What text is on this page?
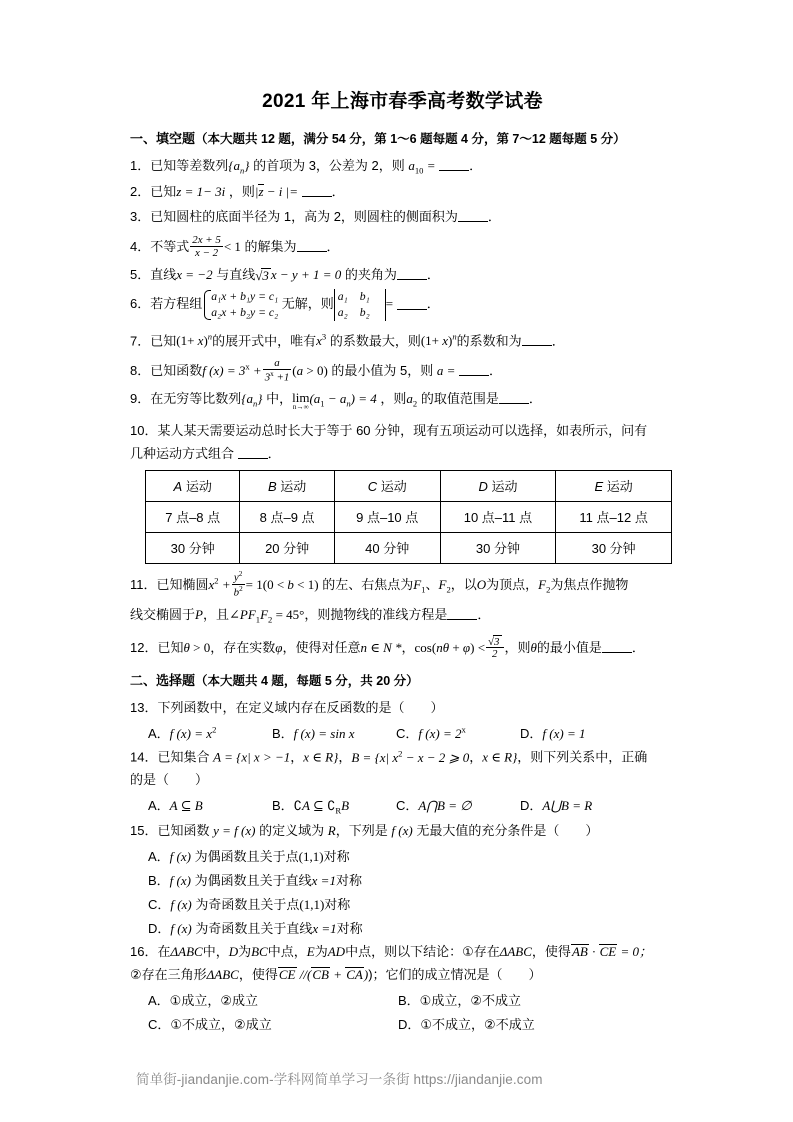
2021 年上海市春季高考数学试卷
一、填空题（本大题共 12 题，满分 54 分，第 1～6 题每题 4 分，第 7～12 题每题 5 分）

1．已知等差数列$\{a_n\}$ 的首项为 3，公差为 2，则 $a_{10}$ =	．

2．已知z = 1− 3i ，则|z − i |=	．

3．已知圆柱的底面半径为 1，高为 2，则圆柱的侧面积为 ．

4．不等式 $\frac{2x + 5}{x - 2} < 1$ 的解集为 ．

5．直线x = −2 与直线√3 x − y + 1 = 0 的夹角为 ．

6．若方程组 a₁x + b₁y = c₁
a₂x + b₂y = c₂ 无解，则 a₁ b₁
a₂ b₂
=	．

7．已知$(1+ x)^n$的展开式中，唯有$x^3$ 的系数最大，则$(1+ x)^n$的系数和为 ．

8．已知函数f $(x) = 3^x + \frac{a}{3^x +1} (a > 0)$ 的最小值为 5，则 a =	．

9．在无穷等比数列$\{a_n\}$ 中， lim
n→∞
$(a_1 - a_n) = 4$ ，则$a_2$ 的取值范围是 ．

10．某人某天需要运动总时长大于等于 60 分钟，现有五项运动可以选择，如表所示，问有
几种运动方式组合	．

A 运动	B 运动	C 运动	D 运动	E 运动
7 点–8 点	8 点–9 点	9 点–10 点	10 点–11 点	11 点–12 点
30 分钟	20 分钟	40 分钟	30 分钟	30 分钟

11．已知椭圆$x^2 + \frac{y^2}{b^2} = 1(0 < b < 1)$ 的左、右焦点为$F_1$、$F_2$，以O为顶点，$F_2$为焦点作抛物
线交椭圆于P，且$\angle PF_1F_2 = 45^\circ$，则抛物线的准线方程是 ．

12．已知θ > 0，存在实数φ，使得对任意n ∈ N *，$\cos(n\theta + \varphi) < \frac{√3}{2}$ ，则θ的最小值是 ．

二、选择题（本大题共 4 题，每题 5 分，共 20 分）

13．下列函数中，在定义域内存在反函数的是（　　）

A．f $(x) = x^2$	B．f (x) = sin x	C．f $(x) = 2^x$	D．f (x) = 1

14．已知集合 A = {x| x > −1，x ∈ R}，B = {x| $x^2 - x - 2$ ⩾ 0，x ∈ R}，则下列关系中，正确
的是（　　）

A．A ⊆ B	B．∁A ⊆ $∁_RB$	C．A⋂B = ∅	D．A⋃B = R

15．已知函数 y = f (x) 的定义域为 R，下列是 f (x) 无最大值的充分条件是（　　）

A．f (x) 为偶函数且关于点(1,1)对称
B．f (x) 为偶函数且关于直线x =1对称
C．f (x) 为奇函数且关于点(1,1)对称
D．f (x) 为奇函数且关于直线x =1对称

16．在ΔABC中，D为BC中点，E为AD中点，则以下结论：①存在ΔABC，使得AB · CE = 0；
②存在三角形ΔABC，使得CE //(CB + CA))；它们的成立情况是（　　）

A．①成立，②成立	B．①成立，②不成立
C．①不成立，②成立	D．①不成立，②不成立
简单街-jiandanjie.com-学科网简单学习一条街 https://jiandanjie.com
